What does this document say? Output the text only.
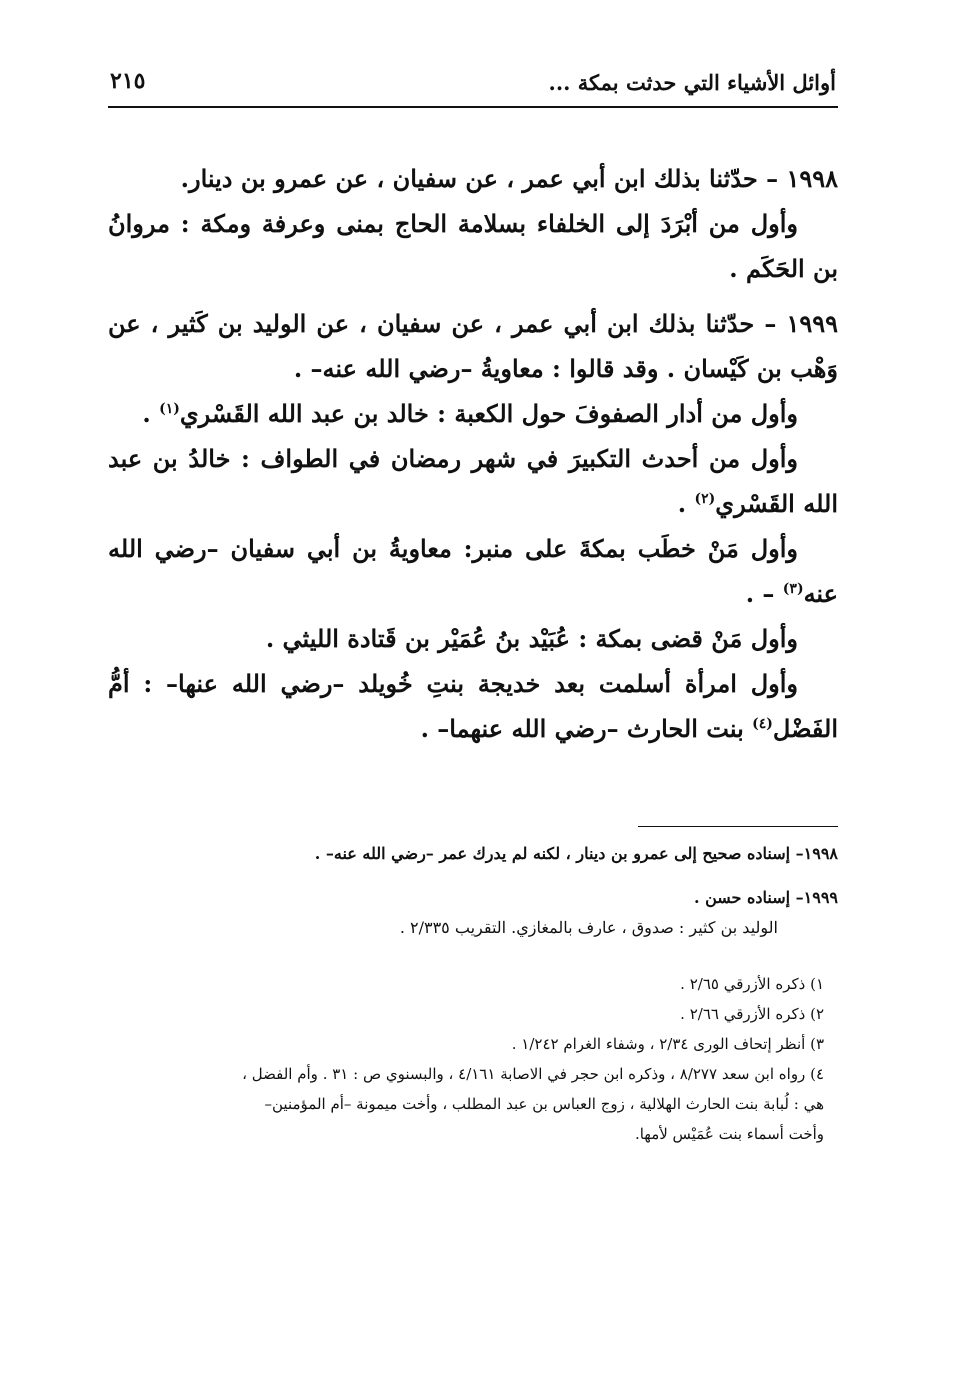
أوائل الأشياء التي حدثت بمكة ...
٢١٥

١٩٩٨ – حدّثنا بذلك ابن أبي عمر ، عن سفيان ، عن عمرو بن دينار.

وأول من أبْرَدَ إلى الخلفاء بسلامة الحاج بمنى وعرفة ومكة : مروانُ بن الحَكَم .

١٩٩٩ – حدّثنا بذلك ابن أبي عمر ، عن سفيان ، عن الوليد بن كَثير ، عن وَهْب بن كَيْسان . وقد قالوا : معاويةُ –رضي الله عنه– .

وأول من أدار الصفوفَ حول الكعبة : خالد بن عبد الله القَسْري$^{(١)}$ .

وأول من أحدث التكبيرَ في شهر رمضان في الطواف : خالدُ بن عبد الله القَسْري$^{(٢)}$ .

وأول مَنْ خطَب بمكةَ على منبر: معاويةُ بن أبي سفيان –رضي الله عنه$^{(٣)}$ – .

وأول مَنْ قضى بمكة : عُبَيْد بنُ عُمَيْر بن قَتادة الليثي .

وأول امرأة أسلمت بعد خديجة بنتِ خُويلد –رضي الله عنها– : أمُّ الفَضْل$^{(٤)}$ بنت الحارث –رضي الله عنهما– .

١٩٩٨– إسناده صحيح إلى عمرو بن دينار ، لكنه لم يدرك عمر –رضي الله عنه– .

١٩٩٩– إسناده حسن .

الوليد بن كثير : صدوق ، عارف بالمغازي. التقريب ٢/٣٣٥ .

١) ذكره الأزرقي ٢/٦٥ .

٢) ذكره الأزرقي ٢/٦٦ .

٣) أنظر إتحاف الورى ٢/٣٤ ، وشفاء الغرام ١/٢٤٢ .

٤) رواه ابن سعد ٨/٢٧٧ ، وذكره ابن حجر في الاصابة ٤/١٦١ ، والبسنوي ص : ٣١ . وأم الفضل ، هي : لُبابة بنت الحارث الهلالية ، زوج العباس بن عبد المطلب ، وأخت ميمونة –أم المؤمنين– وأخت أسماء بنت عُمَيْس لأمها.
